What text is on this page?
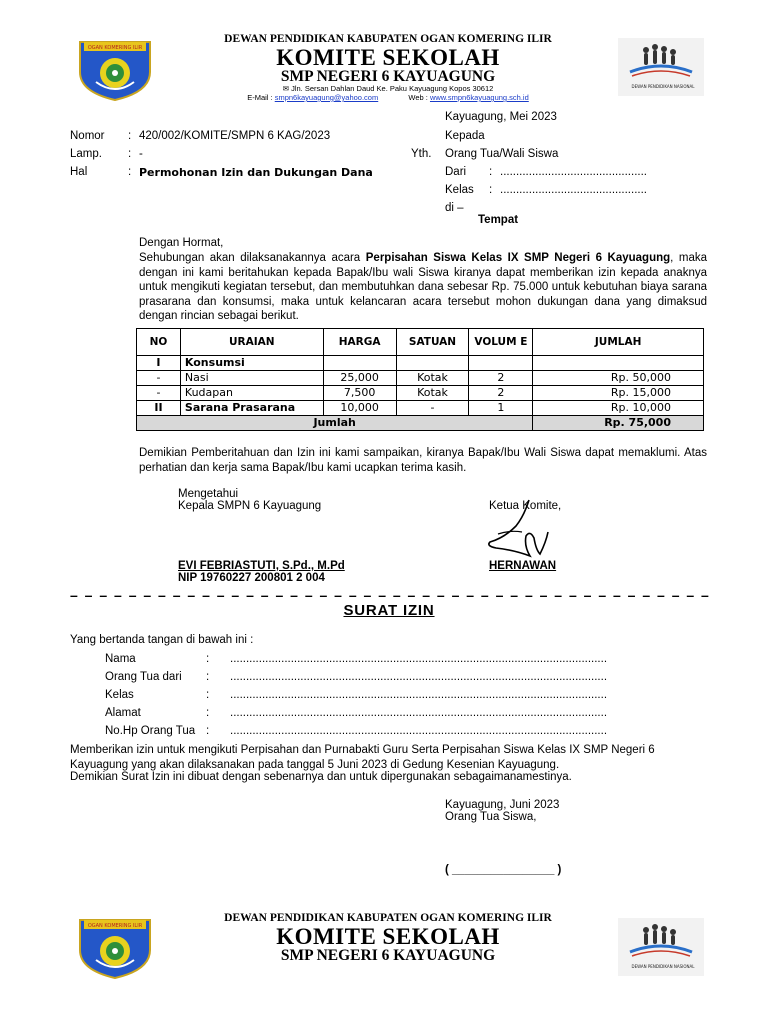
OGAN KOMERING ILIR
DEWAN PENDIDIKAN KABUPATEN OGAN KOMERING ILIR
KOMITE SEKOLAH
SMP NEGERI 6 KAYUAGUNG
✉ Jln. Sersan Dahlan Daud Ke. Paku Kayuagung Kopos 30612
E-Mail : smpn6kayuagung@yahoo.com	Web : www.smpn6kayuagung.sch.id
DEWAN PENDIDIKAN NASIONAL
Kayuagung, Mei 2023
Nomor : 420/002/KOMITE/SMPN 6 KAG/2023
Lamp. : -
Hal	: Permohonan Izin dan Dukungan Dana
Kepada
Yth. Orang Tua/Wali Siswa
Dari : ..............................................
Kelas : ..............................................
di –
Tempat
Dengan Hormat,
Sehubungan akan dilaksanakannya acara Perpisahan Siswa Kelas IX SMP Negeri 6 Kayuagung, maka dengan ini kami beritahukan kepada Bapak/Ibu wali Siswa kiranya dapat memberikan izin kepada anaknya untuk mengikuti kegiatan tersebut, dan membutuhkan dana sebesar Rp. 75.000 untuk kebutuhan biaya sarana prasarana dan konsumsi, maka untuk kelancaran acara tersebut mohon dukungan dana yang dimaksud dengan rincian sebagai berikut.
NO	URAIAN	HARGA	SATUAN	VOLUM E	JUMLAH
I	Konsumsi				
-	Nasi	25,000	Kotak	2	Rp. 50,000
-	Kudapan	7,500	Kotak	2	Rp. 15,000
II	Sarana Prasarana	10,000	-	1	Rp. 10,000
Jumlah					Rp. 75,000
Demikian Pemberitahuan dan Izin ini kami sampaikan, kiranya Bapak/Ibu Wali Siswa dapat memaklumi. Atas perhatian dan kerja sama Bapak/Ibu kami ucapkan terima kasih.
Mengetahui
Kepala SMPN 6 Kayuagung	Ketua Komite,
EVI FEBRIASTUTI, S.Pd., M.Pd
NIP 19760227 200801 2 004
HERNAWAN
– – – – – – – – – – – – – – – – – – – – – – – – – – – – – – – – – – – – – – – – – – – –
SURAT IZIN
Yang bertanda tangan di bawah ini :
Nama	: ......................................................................................................................
Orang Tua dari : ......................................................................................................................
Kelas	: ......................................................................................................................
Alamat	: ......................................................................................................................
No.Hp Orang Tua : ......................................................................................................................
Memberikan izin untuk mengikuti Perpisahan dan Purnabakti Guru Serta Perpisahan Siswa Kelas IX SMP Negeri 6 Kayuagung yang akan dilaksanakan pada tanggal 5 Juni 2023 di Gedung Kesenian Kayuagung.
Demikian Surat Izin ini dibuat dengan sebenarnya dan untuk dipergunakan sebagaimanamestinya.
Kayuagung, Juni 2023
Orang Tua Siswa,
( ________________ )
OGAN KOMERING ILIR
DEWAN PENDIDIKAN KABUPATEN OGAN KOMERING ILIR
KOMITE SEKOLAH
SMP NEGERI 6 KAYUAGUNG
DEWAN PENDIDIKAN NASIONAL
